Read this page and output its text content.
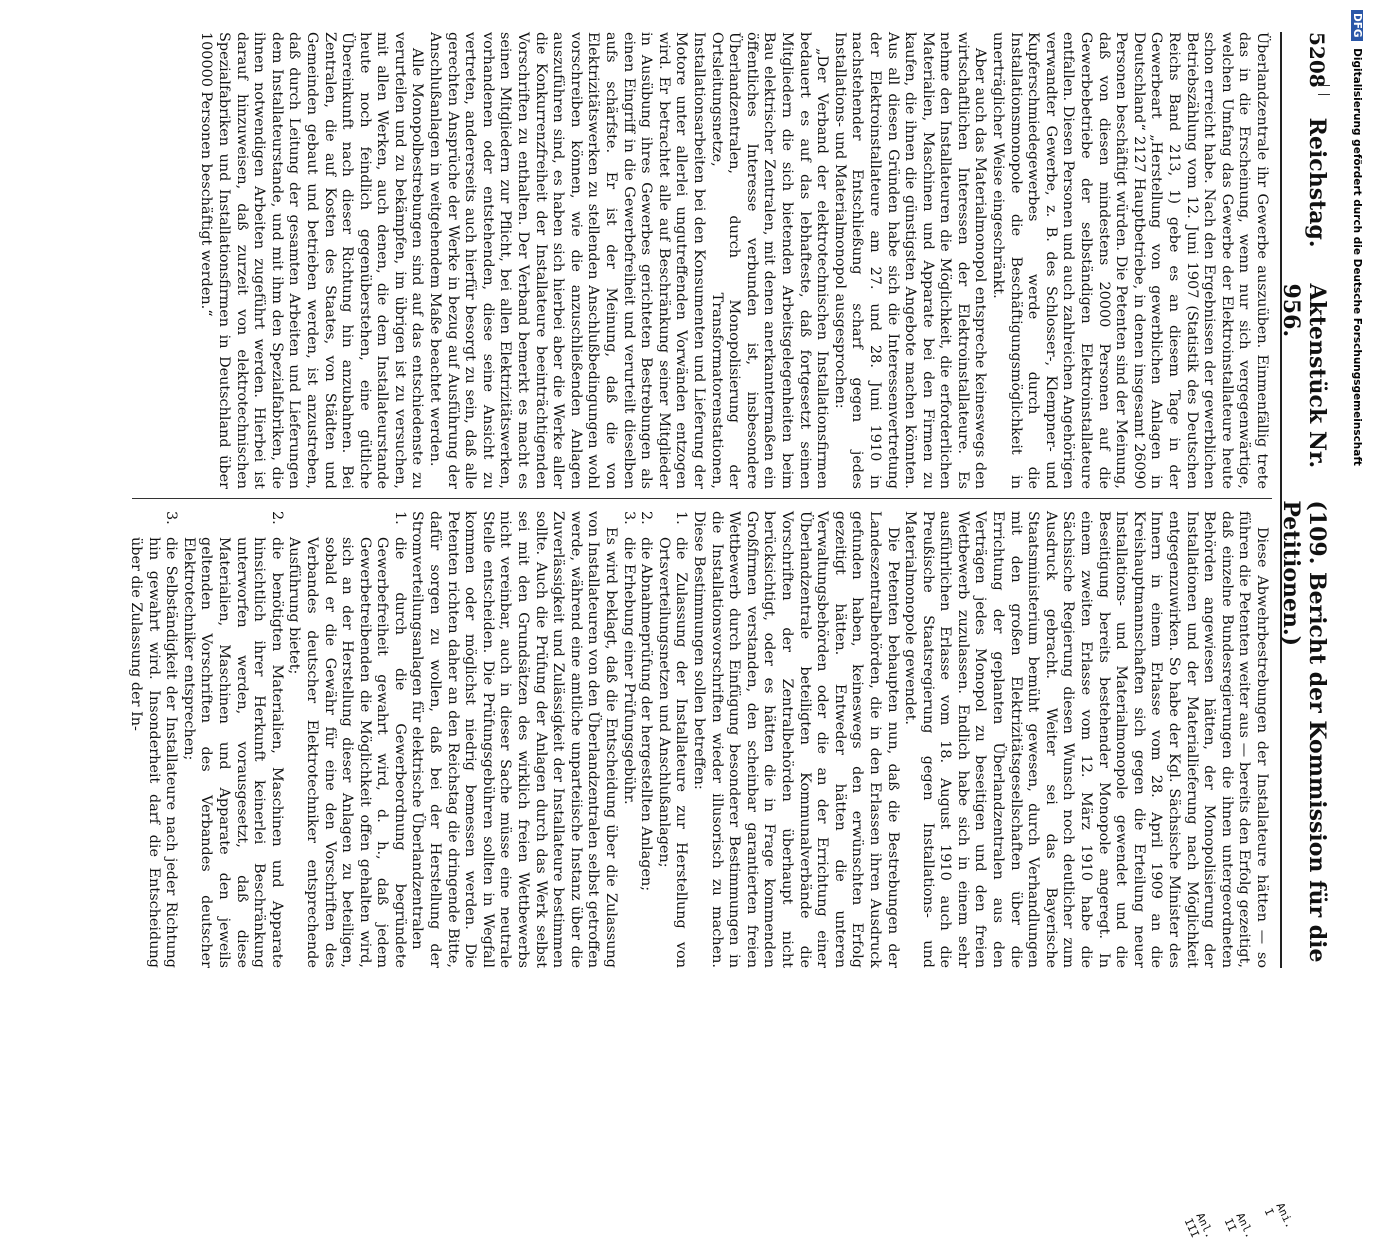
5208
Reichstag.
Aktenstück Nr. 956.
(109. Bericht der Kommission für die Petitionen.)

Überlandzentrale ihr Gewerbe auszuüben. Einmenfällig trete das in die Erscheinung, wenn nur sich vergegenwärtige, welchen Umfang das Gewerbe der Elektroinstallateure heute schon erreicht habe. Nach den Ergebnissen der gewerblichen Betriebszählung vom 12. Juni 1907 (Statistik des Deutschen Reichs Band 213, 1) gebe es an diesem Tage in der Gewerbeart „Herstellung von gewerblichen Anlagen in Deutschland“ 2127 Hauptbetriebe, in denen insgesamt 26090 Personen beschäftigt würden. Die Petenten sind der Meinung, daß von diesen mindestens 20000 Personen auf die Gewerbebetriebe der selbständigen Elektroinstallateure entfallen. Diesen Personen und auch zahlreichen Angehörigen verwandter Gewerbe, z. B. des Schlosser-, Klempner- und Kupferschmiedegewerbes werde durch die Installationsmonopole die Beschäftigungsmöglichkeit in unerträglicher Weise eingeschränkt.

Aber auch das Materialmonopol entspreche keineswegs den wirtschaftlichen Interessen der Elektroinstallateure. Es nehme den Installateuren die Möglichkeit, die erforderlichen Materialien, Maschinen und Apparate bei den Firmen zu kaufen, die ihnen die günstigsten Angebote machen könnten. Aus all diesen Gründen habe sich die Interessenvertretung der Elektroinstallateure am 27. und 28. Juni 1910 in nachstehender Entschließung scharf gegen jedes Installations- und Materialmonopol ausgesprochen:

„Der Verband der elektrotechnischen Installationsfirmen bedauert es auf das lebhafteste, daß fortgesetzt seinen Mitgliedern die sich bietenden Arbeitsgelegenheiten beim Bau elektrischer Zentralen, mit denen anerkanntermaßen ein öffentliches Interesse verbunden ist, insbesondere Überlandzentralen, durch Monopolisierung der Ortsleitungsnetze, Transformatorenstationen, Installationsarbeiten bei den Konsumenten und Lieferung der Motore unter allerlei ungutreffenden Vorwänden entzogen wird. Er betrachtet alle auf Beschränkung seiner Mitglieder in Ausübung ihres Gewerbes gerichteten Bestrebungen als einen Eingriff in die Gewerbefreiheit und verurteilt dieselben aufs schärfste. Er ist der Meinung, daß die von Elektrizitätswerken zu stellenden Anschlußbedingungen wohl vorschreiben können, wie die anzuschließenden Anlagen auszuführen sind, es haben sich hierbei aber die Werke aller die Konkurrenzfreiheit der Installateure beeinträchtigenden Vorschriften zu enthalten. Der Verband bemerkt es macht es seinen Mitgliedern zur Pflicht, bei allen Elektrizitätswerken, vorhandenen oder entstehenden, diese seine Ansicht zu vertreten, andererseits auch hierfür besorgt zu sein, daß alle gerechten Ansprüche der Werke in bezug auf Ausführung der Anschlußanlagen in weitgehendem Maße beachtet werden.

Alle Monopolbestrebungen sind auf das entschiedenste zu verurteilen und zu bekämpfen, im übrigen ist zu versuchen, mit allen Werken, auch denen, die dem Installateurstande heute noch feindlich gegenüberstehen, eine gütliche Übereinkunft nach dieser Richtung hin anzubahnen. Bei Zentralen, die auf Kosten des Staates, von Städten und Gemeinden gebaut und betrieben werden, ist anzustreben, daß durch Leitung der gesamten Arbeiten und Lieferungen dem Installateurstande, und mit ihm den Spezialfabriken, die ihnen notwendigen Arbeiten zugeführt werden. Hierbei ist darauf hinzuweisen, daß zurzeit von elektrotechnischen Spezialfabriken und Installationsfirmen in Deutschland über 100000 Personen beschäftigt werden.“

Diese Abwehrbestrebungen der Installateure hätten — so führen die Petenten weiter aus — bereits den Erfolg gezeitigt, daß einzelne Bundesregierungen die ihnen untergeordneten Behörden angewiesen hätten, der Monopolisierung der Installationen und der Materiallieferung nach Möglichkeit entgegenzuwirken. So habe der Kgl. Sächsische Minister des Innern in einem Erlasse vom 28. April 1909 an die Kreishauptmannschaften sich gegen die Erteilung neuer Installations- und Materialmonopole gewendet und die Beseitigung bereits bestehender Monopole angeregt. In einem zweiten Erlasse vom 12. März 1910 habe die Sächsische Regierung diesen Wunsch noch deutlicher zum Ausdruck gebracht. Weiter sei das Bayerische Staatsministerium bemüht gewesen, durch Verhandlungen mit den großen Elektrizitätsgesellschaften über die Errichtung der geplanten Überlandzentralen aus den Verträgen jedes Monopol zu beseitigen und den freien Wettbewerb zuzulassen. Endlich habe sich in einem sehr ausführlichen Erlasse vom 18. August 1910 auch die Preußische Staatsregierung gegen Installations- und Materialmonopole gewendet.

Die Petenten behaupten nun, daß die Bestrebungen der Landeszentralbehörden, die in den Erlassen ihren Ausdruck gefunden haben, keineswegs den erwünschten Erfolg gezeitigt hätten. Entweder hätten die unteren Verwaltungsbehörden oder die an der Errichtung einer Überlandzentrale beteiligten Kommunalverbände die Vorschriften der Zentralbehörden überhaupt nicht berücksichtigt, oder es hätten die in Frage kommenden Großfirmen verstanden, den scheinbar garantierten freien Wettbewerb durch Einfügung besonderer Bestimmungen in die Installationsvorschriften wieder illusorisch zu machen. Diese Bestimmungen sollen betreffen:

1.
die Zulassung der Installateure zur Herstellung von Ortsverteilungsnetzen und Anschlußanlagen;
2.
die Abnahmeprüfung der hergestellten Anlagen;
3.
die Erhebung einer Prüfungsgebühr.

Es wird beklagt, daß die Entscheidung über die Zulassung von Installateuren von den Überlandzentralen selbst getroffen werde, während eine amtliche unparteiische Instanz über die Zuverlässigkeit und Zulässigkeit der Installateure bestimmen sollte. Auch die Prüfung der Anlagen durch das Werk selbst sei mit den Grundsätzen des wirklich freien Wettbewerbs nicht vereinbar, auch in dieser Sache müsse eine neutrale Stelle entscheiden. Die Prüfungsgebühren sollten in Wegfall kommen oder möglichst niedrig bemessen werden. Die Petenten richten daher an den Reichstag die dringende Bitte, dafür sorgen zu wollen, daß bei der Herstellung der Stromverteilungsanlagen für elektrische Überlandzentralen

1.
die durch die Gewerbeordnung begründete Gewerbefreiheit gewahrt wird, d. h., daß jedem Gewerbetreibenden die Möglichkeit offen gehalten wird, sich an der Herstellung dieser Anlagen zu beteiligen, sobald er die Gewähr für eine den Vorschriften des Verbandes deutscher Elektrotechniker entsprechende Ausführung bietet;
2.
die benötigten Materialien, Maschinen und Apparate hinsichtlich ihrer Herkunft keinerlei Beschränkung unterworfen werden, vorausgesetzt, daß diese Materialien, Maschinen und Apparate den jeweils geltenden Vorschriften des Verbandes deutscher Elektrotechniker entsprechen;
3.
die Selbständigkeit der Installateure nach jeder Richtung hin gewahrt wird. Insonderheit darf die Entscheidung über die Zulassung der In-
Ani. I
Anl. II
Anl. III
DFG Digitalisierung gefördert durch die Deutsche Forschungsgemeinschaft
